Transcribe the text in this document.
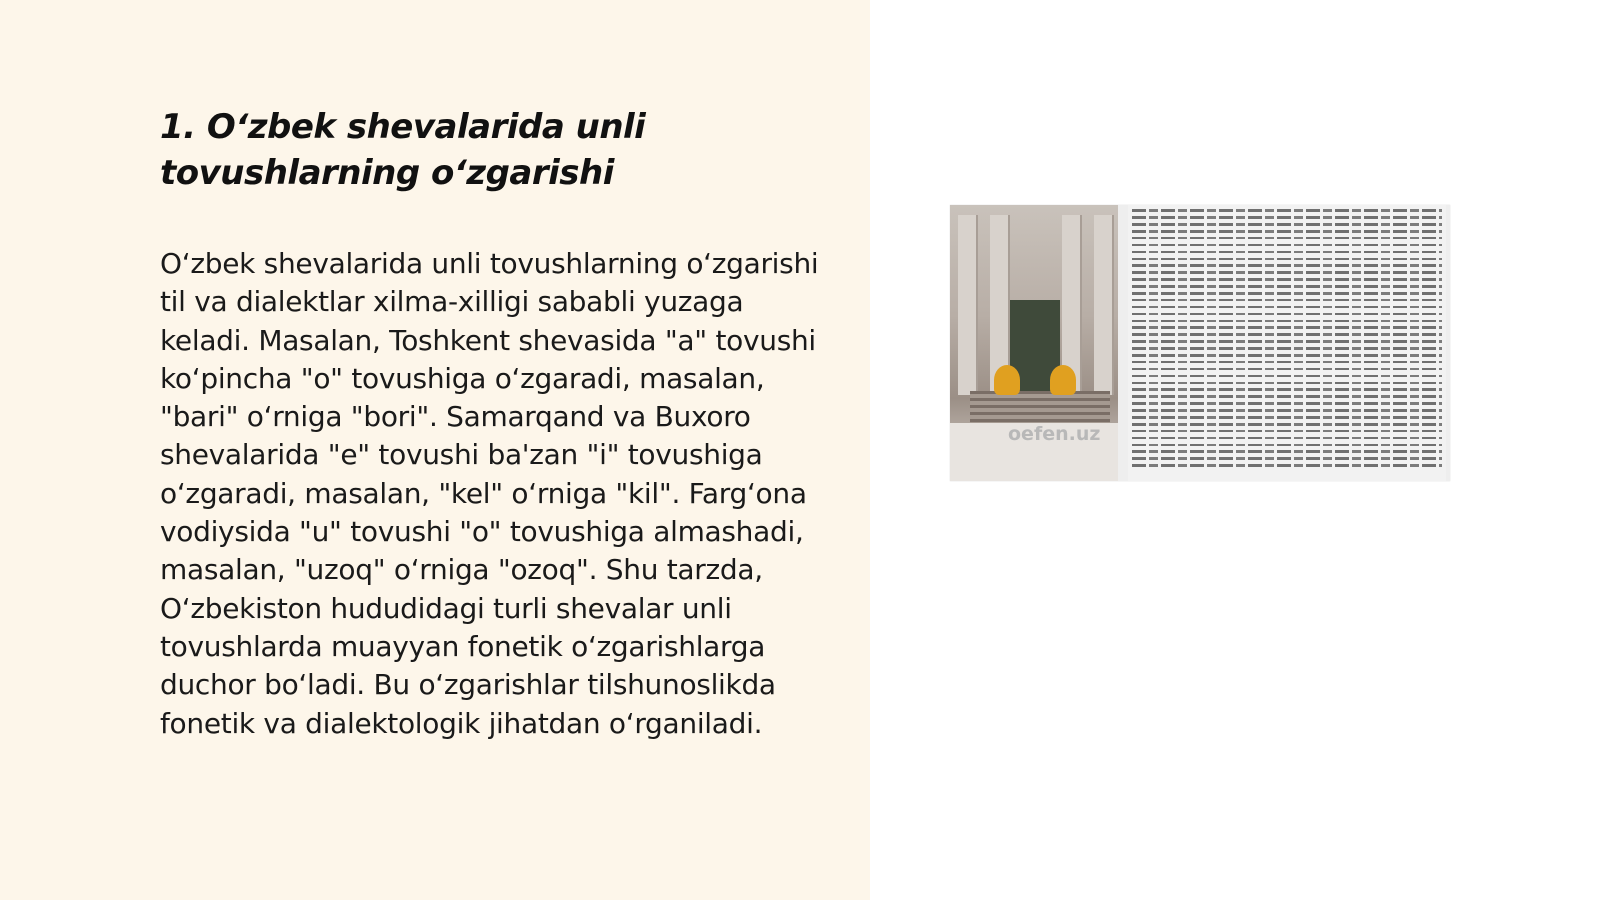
1. O‘zbek shevalarida unli tovushlarning o‘zgarishi

O‘zbek shevalarida unli tovushlarning o‘zgarishi til va dialektlar xilma-xilligi sababli yuzaga keladi. Masalan, Toshkent shevasida "a" tovushi ko‘pincha "o" tovushiga o‘zgaradi, masalan, "bari" o‘rniga "bori". Samarqand va Buxoro shevalarida "e" tovushi ba'zan "i" tovushiga o‘zgaradi, masalan, "kel" o‘rniga "kil". Farg‘ona vodiysida "u" tovushi "o" tovushiga almashadi, masalan, "uzoq" o‘rniga "ozoq". Shu tarzda, O‘zbekiston hududidagi turli shevalar unli tovushlarda muayyan fonetik o‘zgarishlarga duchor bo‘ladi. Bu o‘zgarishlar tilshunoslikda fonetik va dialektologik jihatdan o‘rganiladi.

oefen.uz
